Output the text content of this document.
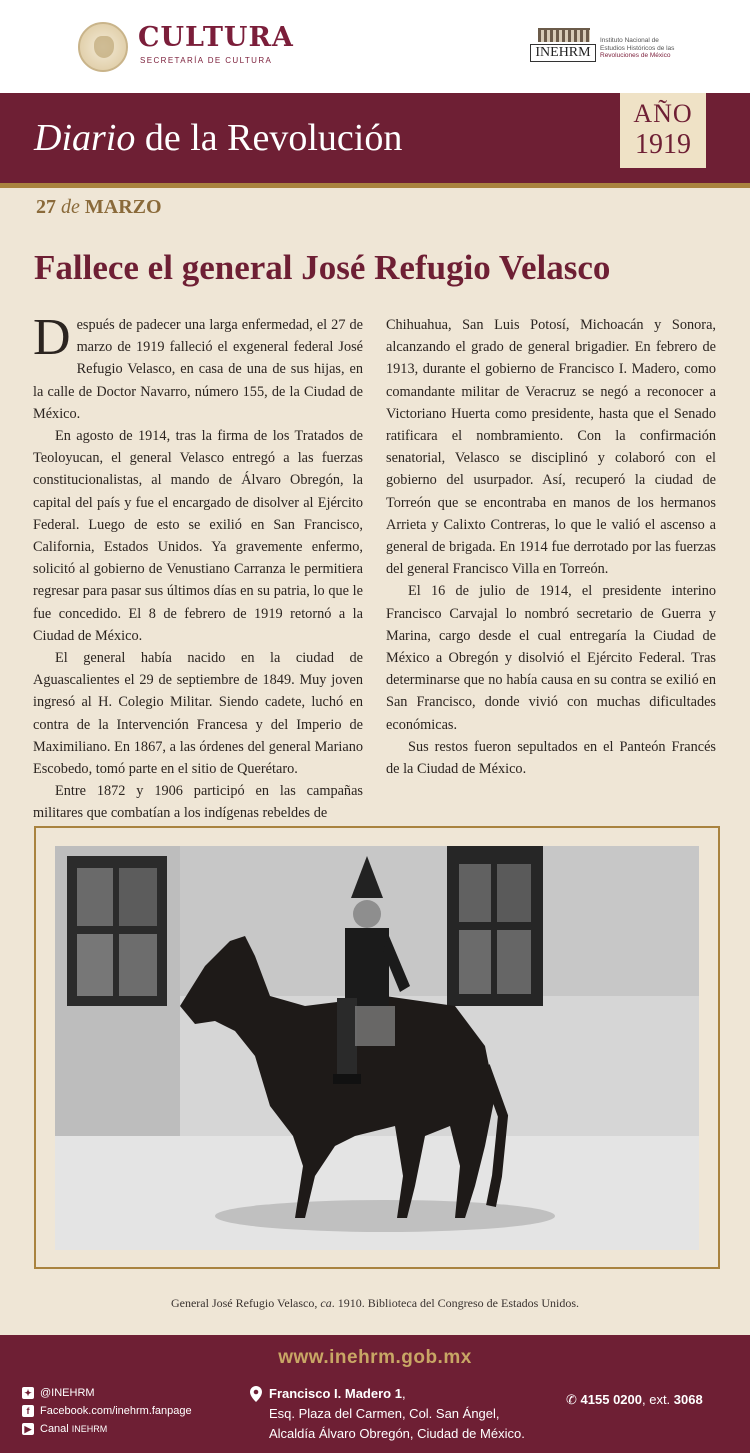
CULTURA
SECRETARÍA DE CULTURA
INEHRM
Instituto Nacional de
Estudios Históricos de las
Revoluciones de México
Diario de la Revolución
AÑO
1919
27 de MARZO
Fallece el general José Refugio Velasco

Después de padecer una larga enfermedad, el 27 de marzo de 1919 falleció el exgeneral federal José Refugio Velasco, en casa de una de sus hijas, en la calle de Doctor Navarro, número 155, de la Ciudad de México.

En agosto de 1914, tras la firma de los Tratados de Teoloyucan, el general Velasco entregó a las fuerzas constitucionalistas, al mando de Álvaro Obregón, la capital del país y fue el encargado de disolver al Ejército Federal. Luego de esto se exilió en San Francisco, California, Estados Unidos. Ya gravemente enfermo, solicitó al gobierno de Venustiano Carranza le permitiera regresar para pasar sus últimos días en su patria, lo que le fue concedido. El 8 de febrero de 1919 retornó a la Ciudad de México.

El general había nacido en la ciudad de Aguascalientes el 29 de septiembre de 1849. Muy joven ingresó al H. Colegio Militar. Siendo cadete, luchó en contra de la Intervención Francesa y del Imperio de Maximiliano. En 1867, a las órdenes del general Mariano Escobedo, tomó parte en el sitio de Querétaro.

Entre 1872 y 1906 participó en las campañas militares que combatían a los indígenas rebeldes de

Chihuahua, San Luis Potosí, Michoacán y Sonora, alcanzando el grado de general brigadier. En febrero de 1913, durante el gobierno de Francisco I. Madero, como comandante militar de Veracruz se negó a reconocer a Victoriano Huerta como presidente, hasta que el Senado ratificara el nombramiento. Con la confirmación senatorial, Velasco se disciplinó y colaboró con el gobierno del usurpador. Así, recuperó la ciudad de Torreón que se encontraba en manos de los hermanos Arrieta y Calixto Contreras, lo que le valió el ascenso a general de brigada. En 1914 fue derrotado por las fuerzas del general Francisco Villa en Torreón.

El 16 de julio de 1914, el presidente interino Francisco Carvajal lo nombró secretario de Guerra y Marina, cargo desde el cual entregaría la Ciudad de México a Obregón y disolvió el Ejército Federal. Tras determinarse que no había causa en su contra se exilió en San Francisco, donde vivió con muchas dificultades económicas.

Sus restos fueron sepultados en el Panteón Francés de la Ciudad de México.

General José Refugio Velasco, ca. 1910. Biblioteca del Congreso de Estados Unidos.
www.inehrm.gob.mx
✦ @INEHRM
f Facebook.com/inehrm.fanpage
▶ Canal INEHRM
Francisco I. Madero 1,
Esq. Plaza del Carmen, Col. San Ángel,
Alcaldía Álvaro Obregón, Ciudad de México.
✆ 4155 0200, ext. 3068
